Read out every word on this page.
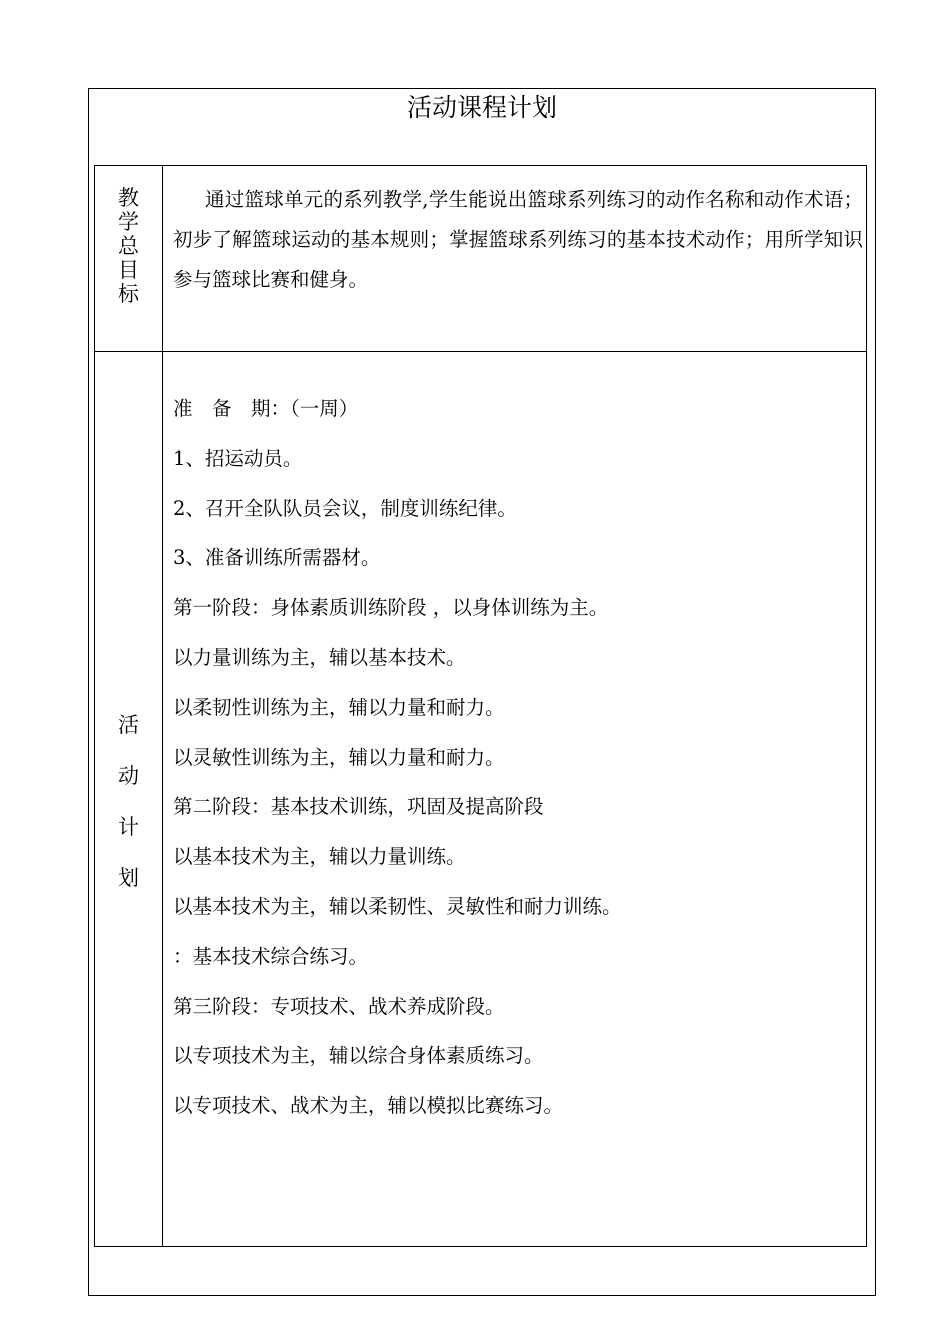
活动课程计划
教
学
总
目
标
通过篮球单元的系列教学,学生能说出篮球系列练习的动作名称和动作术语；初步了解篮球运动的基本规则；掌握篮球系列练习的基本技术动作；用所学知识参与篮球比赛和健身。
活
动
计
划
准　备　期：（一周）
1、招运动员。
2、召开全队队员会议，制度训练纪律。
3、准备训练所需器材。
第一阶段：身体素质训练阶段 ，以身体训练为主。
以力量训练为主，辅以基本技术。
以柔韧性训练为主，辅以力量和耐力。
以灵敏性训练为主，辅以力量和耐力。
第二阶段：基本技术训练，巩固及提高阶段
以基本技术为主，辅以力量训练。
以基本技术为主，辅以柔韧性、灵敏性和耐力训练。
：基本技术综合练习。
第三阶段：专项技术、战术养成阶段。
以专项技术为主，辅以综合身体素质练习。
以专项技术、战术为主，辅以模拟比赛练习。
